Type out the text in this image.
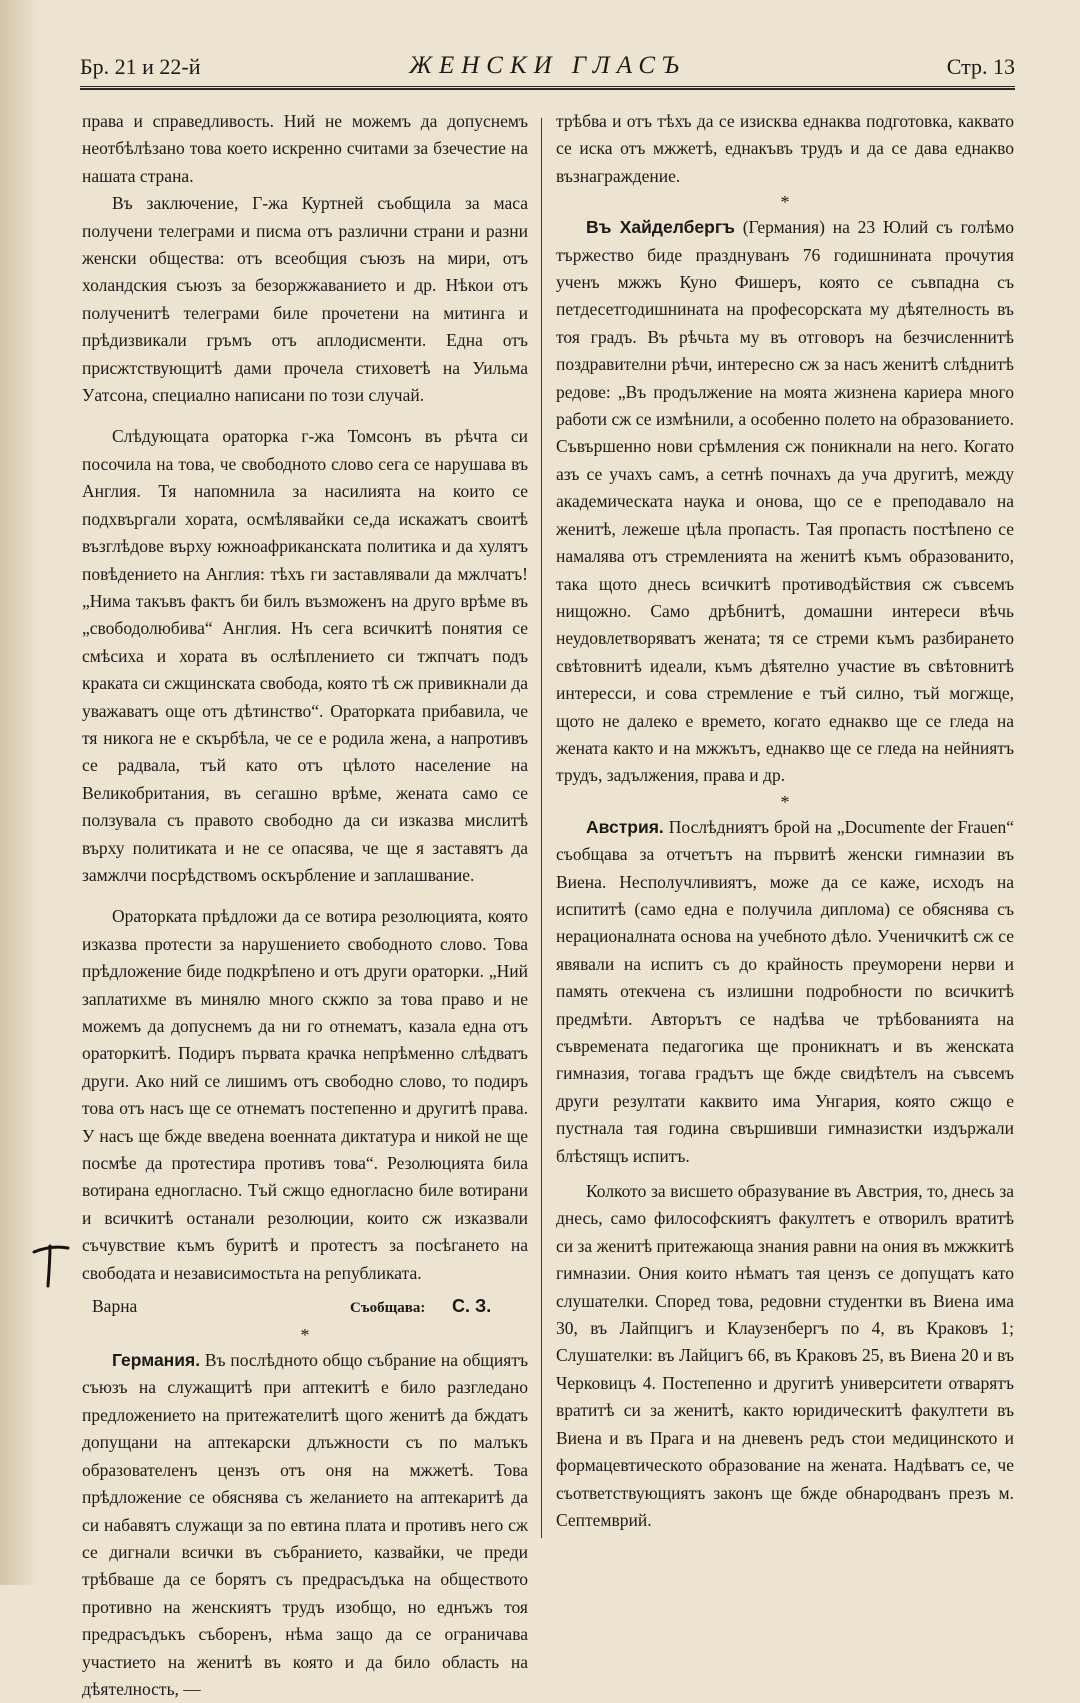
Бр. 21 и 22-й	ЖЕНСКИ ГЛАСЪ	Стр. 13

права и справедливость. Ний не можемъ да допуснемъ неотбѣлѣзано това което искренно считами за бзечестие на нашата страна.

Въ заключение, Г-жа Куртней съобщила за маса получени телеграми и писма отъ различни страни и разни женски общества: отъ всеобщия съюзъ на мири, отъ холандския съюзъ за безоржжаванието и др. Нѣкои отъ полученитѣ телеграми биле прочетени на митинга и прѣдизвикали гръмъ отъ аплодисменти. Една отъ присжтствующитѣ дами прочела стиховетѣ на Уильма Уатсона, специално написани по този случай.

Слѣдующата ораторка г-жа Томсонъ въ рѣчта си посочила на това, че свободното слово сега се нарушава въ Англия. Тя напомнила за насилията на които се подхвъргали хората, осмѣлявайки се,да искажатъ своитѣ възглѣдове върху южноафриканската политика и да хулятъ повѣдението на Англия: тѣхъ ги заставлявали да мжлчатъ! „Нима такъвъ фактъ би билъ възможенъ на друго врѣме въ „свободолюбива“ Англия. Нъ сега всичкитѣ понятия се смѣсиха и хората въ ослѣплението си тжпчатъ подъ краката си сжщинската свобода, която тѣ сж привикнали да уважаватъ още отъ дѣтинство“. Ораторката прибавила, че тя никога не е скърбѣла, че се е родила жена, а напротивъ се радвала, тъй като отъ цѣлото население на Великобритания, въ сегашно врѣме, жената само се ползувала съ правото свободно да си изказва мислитѣ върху политиката и не се опасява, че ще я заставятъ да замжлчи посрѣдствомъ оскърбление и заплашвание.

Ораторката прѣдложи да се вотира резолюцията, която изказва протести за нарушението свободното слово. Това прѣдложение биде подкрѣпено и отъ други ораторки. „Ний заплатихме въ минялю много скжпо за това право и не можемъ да допуснемъ да ни го отнематъ, казала една отъ ораторкитѣ. Подиръ първата крачка непрѣменно слѣдватъ други. Ако ний се лишимъ отъ свободно слово, то подиръ това отъ насъ ще се отнематъ постепенно и другитѣ права. У насъ ще бжде введена военната диктатура и никой не ще посмѣе да протестира противъ това“. Резолюцията била вотирана едногласно. Тъй сжщо едногласно биле вотирани и всичкитѣ останали резолюции, които сж изказвали съчувствие къмъ буритѣ и протестъ за посѣгането на свободата и независимостьта на републиката.

Варна	Съобщава: С. З.

*

Германия. Въ послѣдното общо събрание на общиятъ съюзъ на служащитѣ при аптекитѣ е било разгледано предложението на притежателитѣ щого женитѣ да бждатъ допущани на аптекарски длъжности съ по малъкъ образователенъ цензъ отъ оня на мжжетѣ. Това прѣдложение се обяснява съ желанието на аптекаритѣ да си набавятъ служащи за по евтина плата и противъ него сж се дигнали всички въ събранието, казвайки, че преди трѣбваше да се борятъ съ предрасъдъка на обществото противно на женскиятъ трудъ изобщо, но еднъжъ тоя предрасъдъкъ съборенъ, нѣма защо да се ограничава участието на женитѣ въ която и да било область на дѣятелность, —

трѣбва и отъ тѣхъ да се изисква еднаква подготовка, каквато се иска отъ мжжетѣ, еднакъвъ трудъ и да се дава еднакво възнаграждение.

*

Въ Хайделбергъ (Германия) на 23 Юлий съ голѣмо тържество биде празднуванъ 76 годишнината прочутия ученъ мжжъ Куно Фишеръ, която се съвпадна съ петдесетгодишнината на професорската му дѣятелность въ тоя градъ. Въ рѣчьта му въ отговоръ на безчисленнитѣ поздравителни рѣчи, интересно сж за насъ женитѣ слѣднитѣ редове: „Въ продължение на моята жизнена кариера много работи сж се измѣнили, а особенно полето на образованието. Съвършенно нови срѣмления сж поникнали на него. Когато азъ се учахъ самъ, а сетнѣ почнахъ да уча другитѣ, между академическата наука и онова, що се е преподавало на женитѣ, лежеше цѣла пропасть. Тая пропасть постѣпено се намалява отъ стремленията на женитѣ къмъ образованито, така щото днесь всичкитѣ противодѣйствия сж съвсемъ нищожно. Само дрѣбнитѣ, домашни интереси вѣчь неудовлетворяватъ жената; тя се стреми къмъ разбирането свѣтовнитѣ идеали, къмъ дѣятелно участие въ свѣтовнитѣ интересси, и сова стремление е тъй силно, тъй могжще, щото не далеко е времето, когато еднакво ще се гледа на жената както и на мжжътъ, еднакво ще се гледа на нейниятъ трудъ, задължения, права и др.

*

Австрия. Послѣдниятъ брой на „Documente der Frauen“ съобщава за отчетътъ на първитѣ женски гимназии въ Виена. Несполучливиятъ, може да се каже, исходъ на испититѣ (само една е получила диплома) се обяснява съ нерационалната основа на учебното дѣло. Ученичкитѣ сж се явявали на испитъ съ до крайность преуморени нерви и память отекчена съ излишни подробности по всичкитѣ предмѣти. Авторътъ се надѣва че трѣбованията на съвремената педагогика ще проникнатъ и въ женската гимназия, тогава градътъ ще бжде свидѣтелъ на съвсемъ други резултати каквито има Унгария, която сжщо е пустнала тая година свършивши гимназистки издържали блѣстящъ испитъ.

Колкото за висшето образувание въ Австрия, то, днесь за днесь, само философскиятъ факултетъ е отворилъ вратитѣ си за женитѣ притежающа знания равни на ония въ мжжкитѣ гимназии. Ония които нѣматъ тая цензъ се допущатъ като слушателки. Според това, редовни студентки въ Виена има 30, въ Лайпцигъ и Клаузенбергъ по 4, въ Краковъ 1; Слушателки: въ Лайцигъ 66, въ Краковъ 25, въ Виена 20 и въ Черковицъ 4. Постепенно и другитѣ университети отварятъ вратитѣ си за женитѣ, както юридическитѣ факултети въ Виена и въ Прага и на дневенъ редъ стои медицинското и формацевтическото образование на жената. Надѣватъ се, че съответствующиятъ законъ ще бжде обнародванъ презъ м. Септемврий.
